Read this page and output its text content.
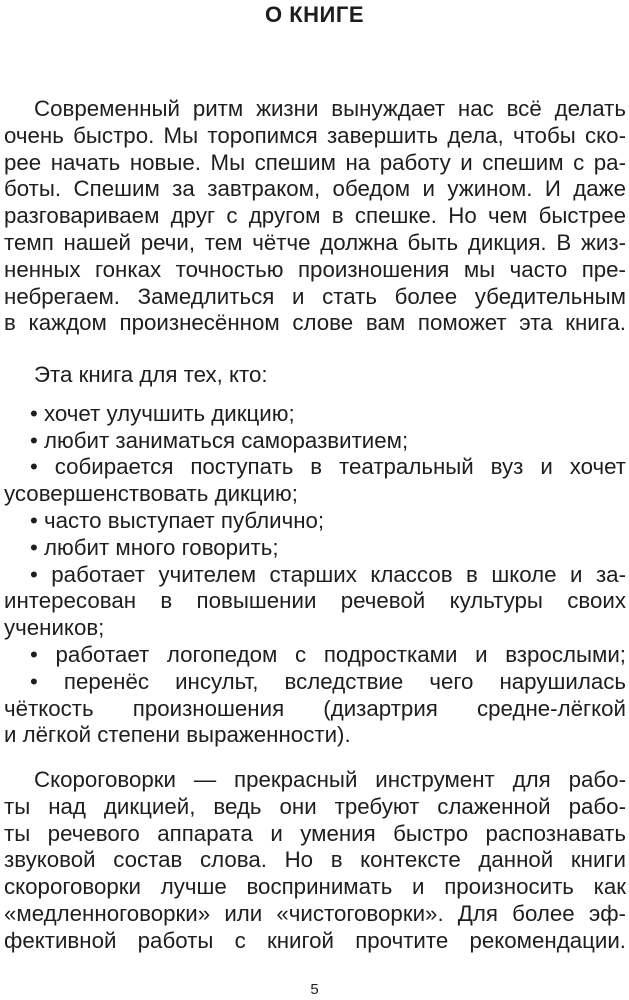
О КНИГЕ
Современный ритм жизни вынуждает нас всё делать
очень быстро. Мы торопимся завершить дела, чтобы ско-
рее начать новые. Мы спешим на работу и спешим с ра-
боты. Спешим за завтраком, обедом и ужином. И даже
разговариваем друг с другом в спешке. Но чем быстрее
темп нашей речи, тем чётче должна быть дикция. В жиз-
ненных гонках точностью произношения мы часто пре-
небрегаем. Замедлиться и стать более убедительным
в каждом произнесённом слове вам поможет эта книга.
Эта книга для тех, кто:
• хочет улучшить дикцию;
• любит заниматься саморазвитием;
• собирается поступать в театральный вуз и хочет
усовершенствовать дикцию;
• часто выступает публично;
• любит много говорить;
• работает учителем старших классов в школе и за-
интересован в повышении речевой культуры своих
учеников;
• работает логопедом с подростками и взрослыми;
• перенёс инсульт, вследствие чего нарушилась
чёткость произношения (дизартрия средне-лёгкой
и лёгкой степени выраженности).
Скороговорки — прекрасный инструмент для рабо-
ты над дикцией, ведь они требуют слаженной рабо-
ты речевого аппарата и умения быстро распознавать
звуковой состав слова. Но в контексте данной книги
скороговорки лучше воспринимать и произносить как
«медленноговорки» или «чистоговорки». Для более эф-
фективной работы с книгой прочтите рекомендации.
5
